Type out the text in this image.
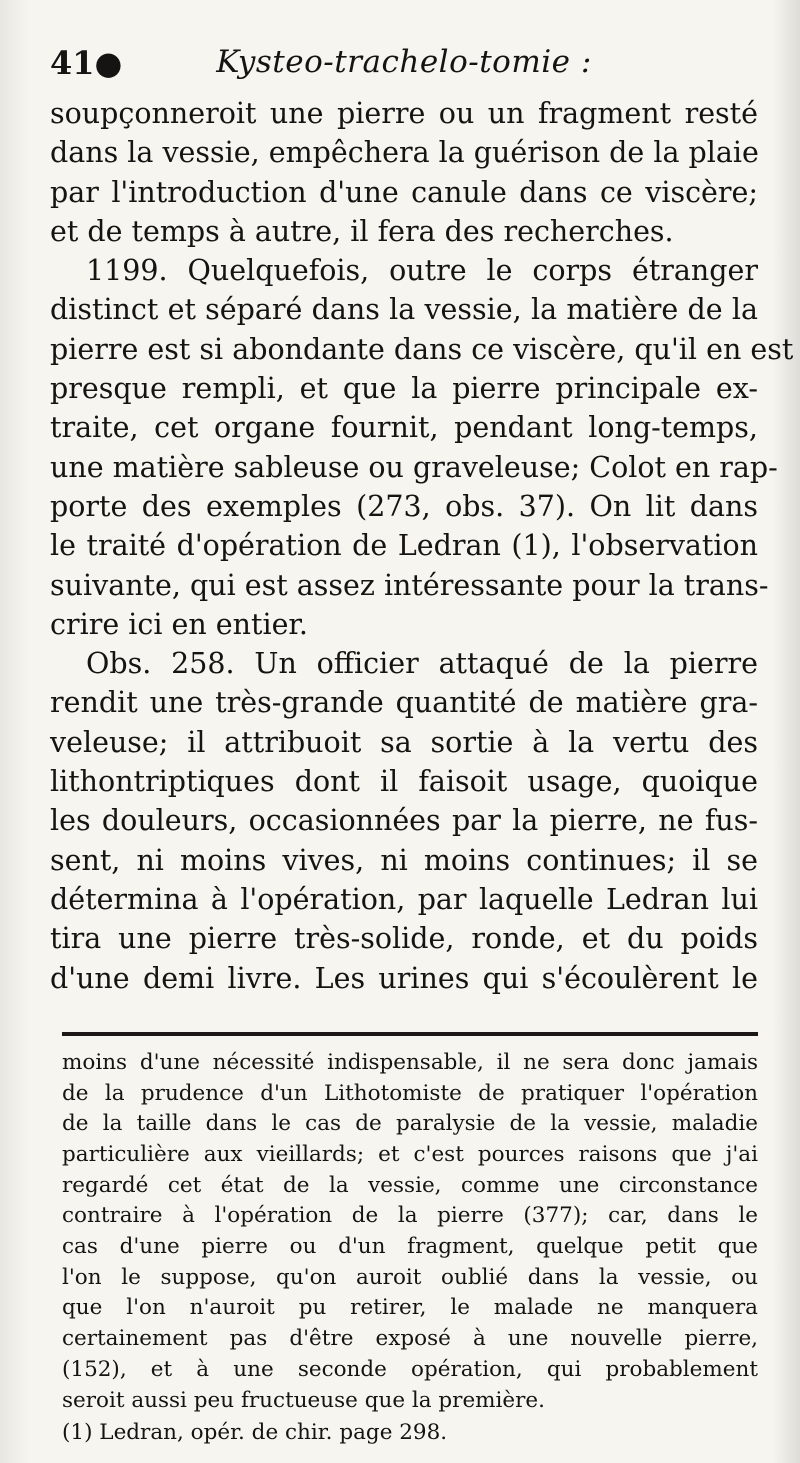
41●	Kysteo-trachelo-tomie :
soupçonneroit une pierre ou un fragment resté
dans la vessie, empêchera la guérison de la plaie
par l'introduction d'une canule dans ce viscère;
et de temps à autre, il fera des recherches.
1199. Quelquefois, outre le corps étranger
distinct et séparé dans la vessie, la matière de la
pierre est si abondante dans ce viscère, qu'il en est
presque rempli, et que la pierre principale ex-
traite, cet organe fournit, pendant long-temps,
une matière sableuse ou graveleuse; Colot en rap-
porte des exemples (273, obs. 37). On lit dans
le traité d'opération de Ledran (1), l'observation
suivante, qui est assez intéressante pour la trans-
crire ici en entier.
Obs. 258. Un officier attaqué de la pierre
rendit une très-grande quantité de matière gra-
veleuse; il attribuoit sa sortie à la vertu des
lithontriptiques dont il faisoit usage, quoique
les douleurs, occasionnées par la pierre, ne fus-
sent, ni moins vives, ni moins continues; il se
détermina à l'opération, par laquelle Ledran lui
tira une pierre très-solide, ronde, et du poids
d'une demi livre. Les urines qui s'écoulèrent le
moins d'une nécessité indispensable, il ne sera donc jamais
de la prudence d'un Lithotomiste de pratiquer l'opération
de la taille dans le cas de paralysie de la vessie, maladie
particulière aux vieillards; et c'est pources raisons que j'ai
regardé cet état de la vessie, comme une circonstance
contraire à l'opération de la pierre (377); car, dans le
cas d'une pierre ou d'un fragment, quelque petit que
l'on le suppose, qu'on auroit oublié dans la vessie, ou
que l'on n'auroit pu retirer, le malade ne manquera
certainement pas d'être exposé à une nouvelle pierre,
(152), et à une seconde opération, qui probablement
seroit aussi peu fructueuse que la première.
(1) Ledran, opér. de chir. page 298.
